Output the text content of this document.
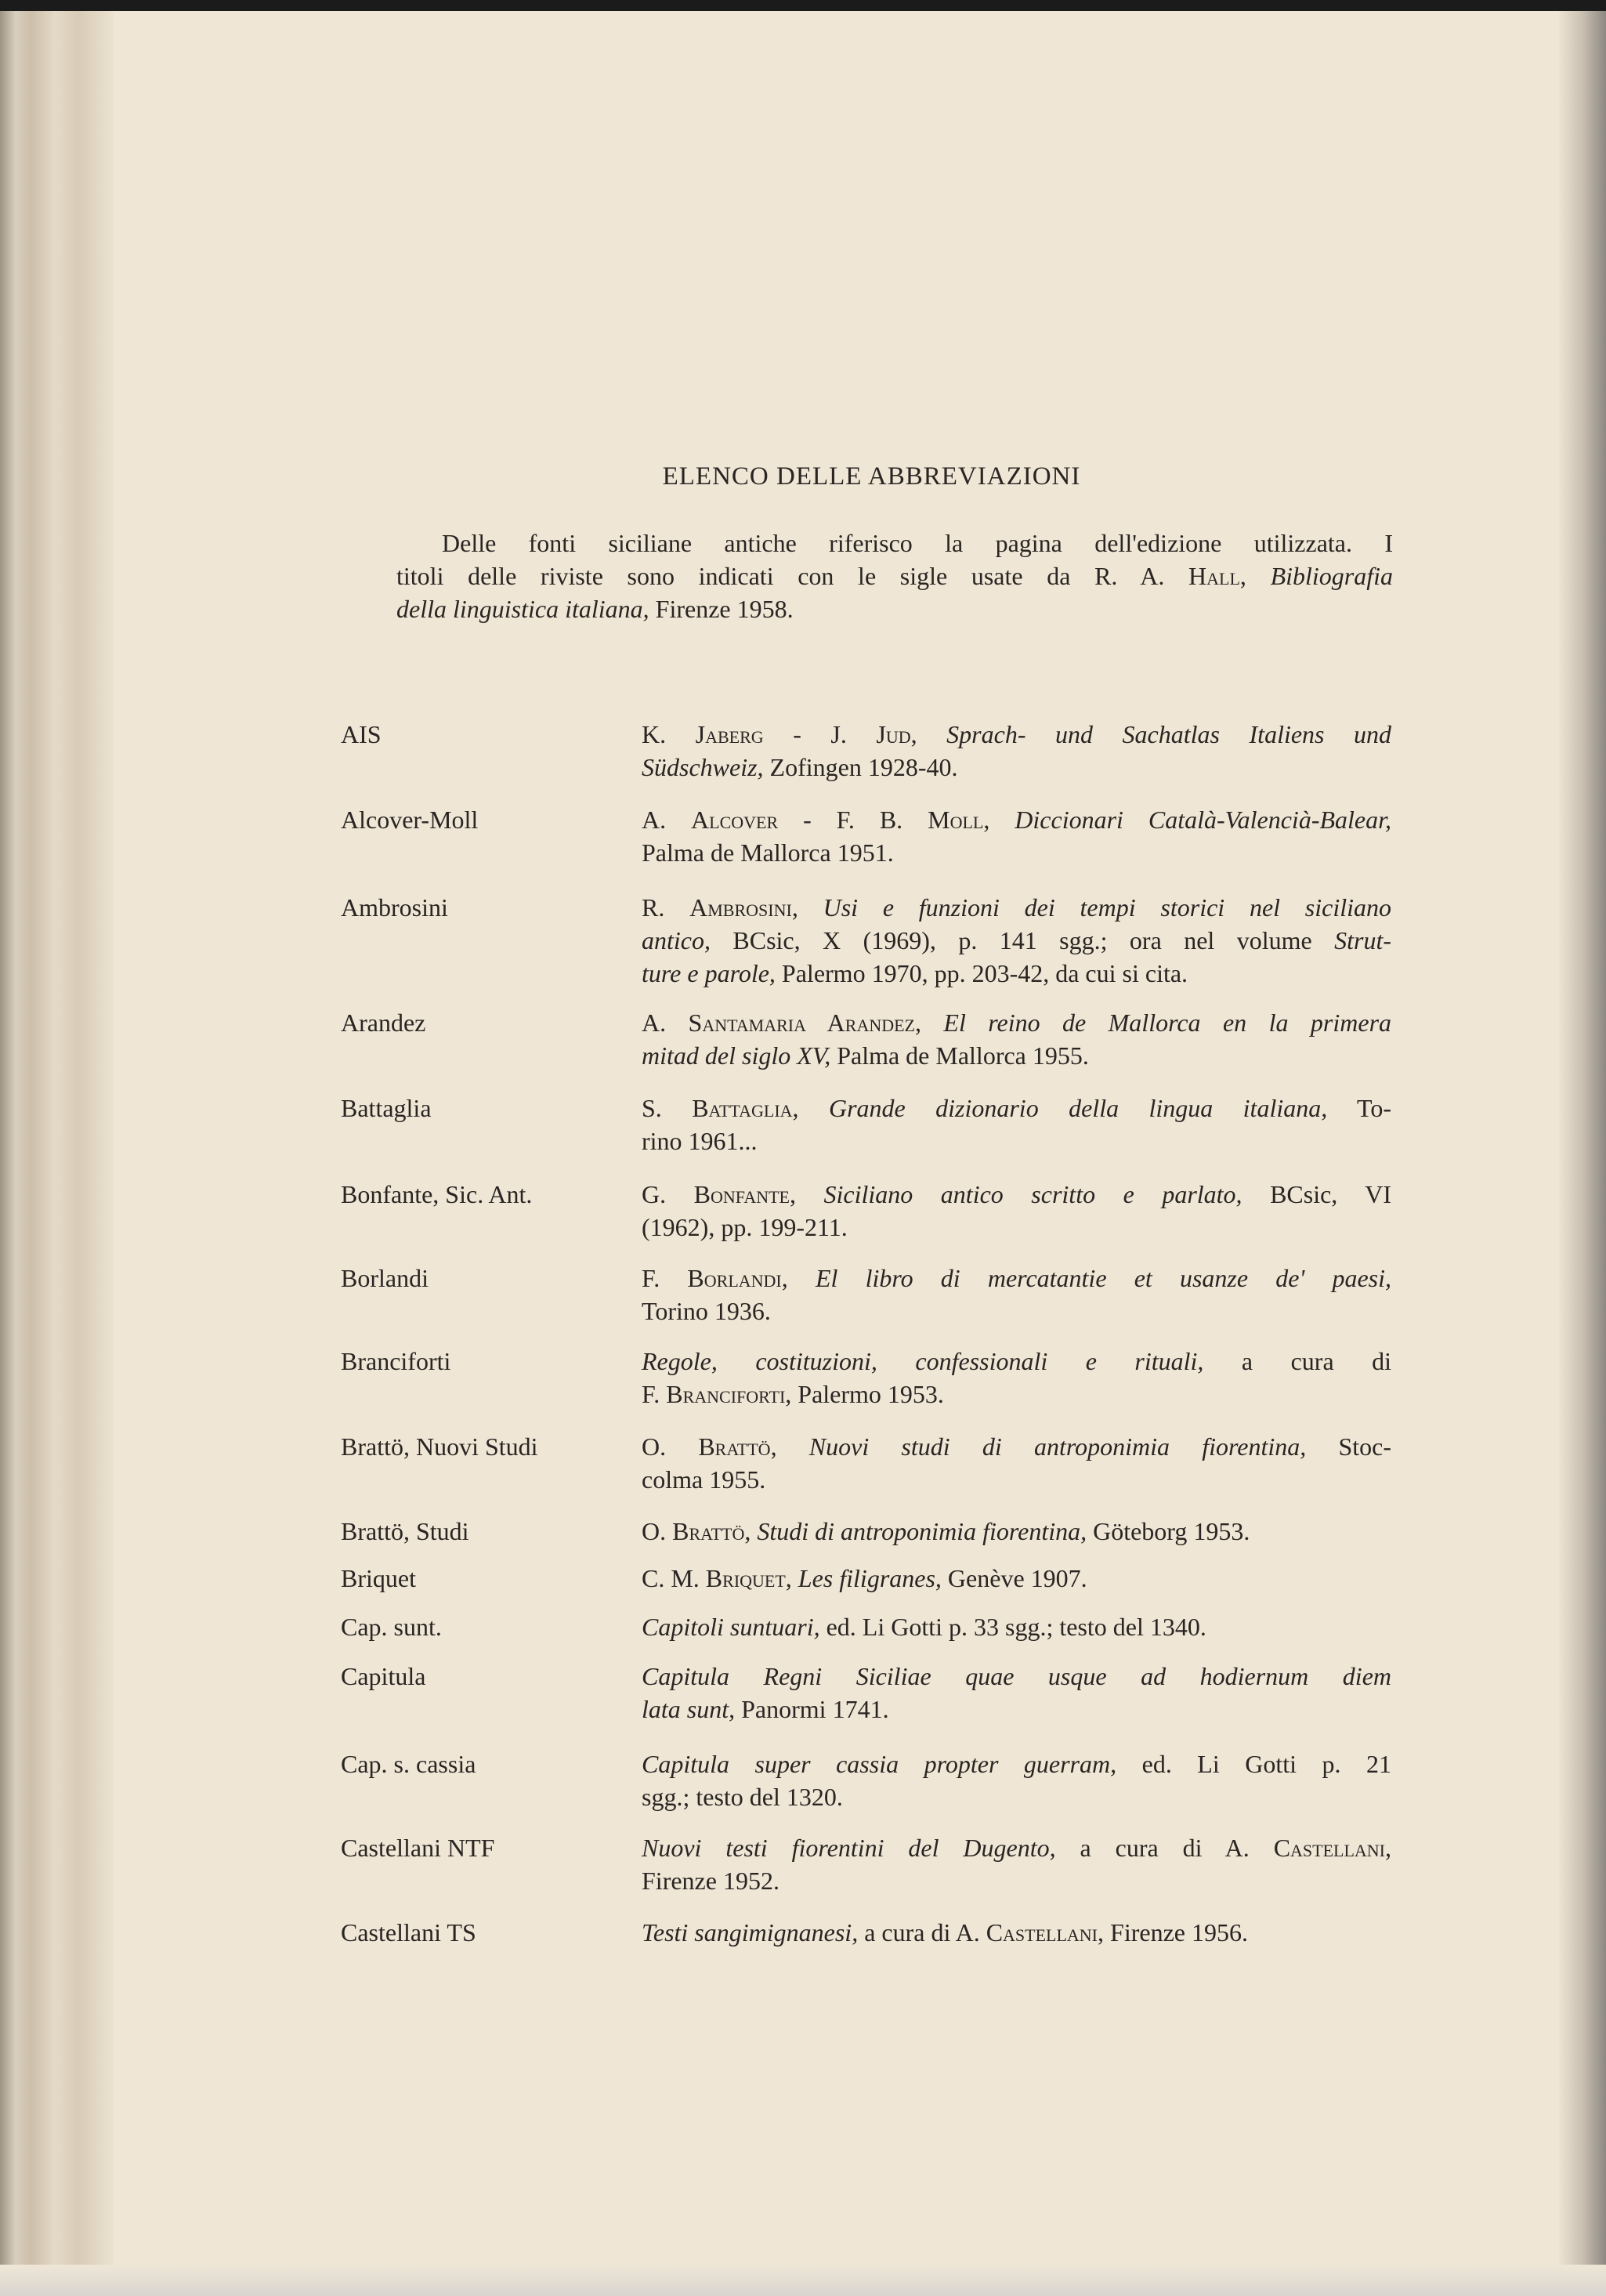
ELENCO DELLE ABBREVIAZIONI
Delle fonti siciliane antiche riferisco la pagina dell'edizione utilizzata. I
titoli delle riviste sono indicati con le sigle usate da R. A. Hall, Bibliografia
della linguistica italiana, Firenze 1958.
AIS	K. Jaberg - J. Jud, Sprach- und Sachatlas Italiens und
Südschweiz, Zofingen 1928-40.
Alcover-Moll	A. Alcover - F. B. Moll, Diccionari Català-Valencià-Balear,
Palma de Mallorca 1951.
Ambrosini	R. Ambrosini, Usi e funzioni dei tempi storici nel siciliano
antico, BCsic, X (1969), p. 141 sgg.; ora nel volume Strut-
ture e parole, Palermo 1970, pp. 203-42, da cui si cita.
Arandez	A. Santamaria Arandez, El reino de Mallorca en la primera
mitad del siglo XV, Palma de Mallorca 1955.
Battaglia	S. Battaglia, Grande dizionario della lingua italiana, To-
rino 1961...
Bonfante, Sic. Ant.	G. Bonfante, Siciliano antico scritto e parlato, BCsic, VI
(1962), pp. 199-211.
Borlandi	F. Borlandi, El libro di mercatantie et usanze de' paesi,
Torino 1936.
Branciforti	Regole, costituzioni, confessionali e rituali, a cura di
F. Branciforti, Palermo 1953.
Brattö, Nuovi Studi	O. Brattö, Nuovi studi di antroponimia fiorentina, Stoc-
colma 1955.
Brattö, Studi	O. Brattö, Studi di antroponimia fiorentina, Göteborg 1953.
Briquet	C. M. Briquet, Les filigranes, Genève 1907.
Cap. sunt.	Capitoli suntuari, ed. Li Gotti p. 33 sgg.; testo del 1340.
Capitula	Capitula Regni Siciliae quae usque ad hodiernum diem
lata sunt, Panormi 1741.
Cap. s. cassia	Capitula super cassia propter guerram, ed. Li Gotti p. 21
sgg.; testo del 1320.
Castellani NTF	Nuovi testi fiorentini del Dugento, a cura di A. Castellani,
Firenze 1952.
Castellani TS	Testi sangimignanesi, a cura di A. Castellani, Firenze 1956.
